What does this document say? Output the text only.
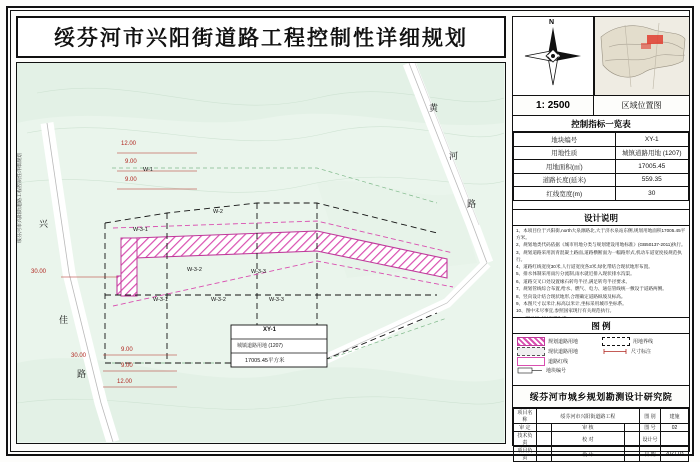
绥芬河市兴阳街道路工程控制性详细规划
绥芬河市兴阳街道路工程控制性详细规划
黄
河
路
兴
佳
路
12.00
9.00
9.00
30.00
30.00
9.00
9.00
12.00
W-1
W-2
W-3-1
W-3-2	W-3-3
W-3-1	W-3-2	W-3-3
XY-1
城镇道路用地 (1207)
17005.45平方米
N
1: 2500	区域位置图
控制指标一览表
地块编号	XY-1
用地性质	城镇道路用地 (1207)
用地面积(㎡)	17005.45
道路长度(延米)	559.35
红线宽度(m)	30
设计说明
1、本项目位于兴阳街,north大泉源路北,大于济水泉站东侧,规划用地面积17005.45平方米。
2、规划地类代码依据《城市用地分类与规划建设用地标准》(GB50137-2011)执行。
3、规划道路采用沥青混凝土路面,道路横断面为一幅路形式,机动车道宽度按规范执行。
4、道路红线宽度30米,人行道宽度各3米,绿化带结合现状地形布置。
5、排水体制采用雨污分流制,雨水就近排入现状排水沟渠。
6、道路交叉口处设置缘石转弯半径,满足转弯半径要求。
7、规划管线综合布置,给水、燃气、电力、通信管线统一敷设于道路两侧。
8、竖向设计结合现状地形,合理确定道路纵坡及标高。
9、本图尺寸以米计,标高以米计,坐标采用城市坐标系。
10、图中未尽事宜,参照国家现行有关规范执行。
图 例
规划道路用地	用地界线
现状道路用地	尺寸标注
道路红线
地块编号
绥芬河市城乡规划勘测设计研究院
项目名称	绥芬河市兴阳街道路工程			图 别	建施
审 定		审 核		图 号	02
技术负责		校 对		设计号	
项目负责		设 计		日 期	2021.03
